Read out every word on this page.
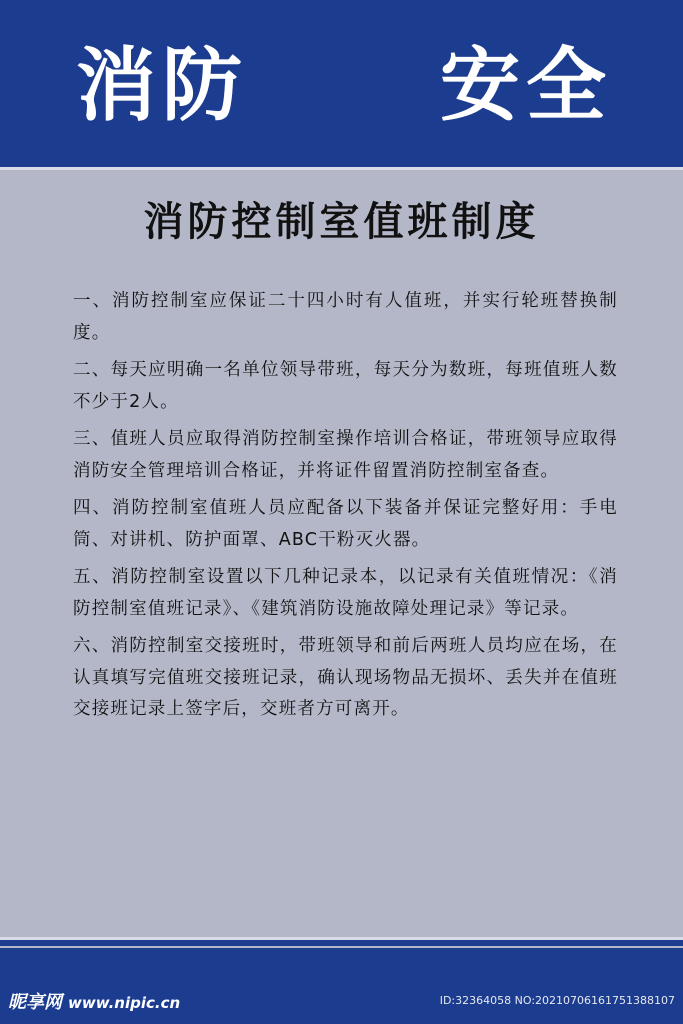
消防 安全
消防控制室值班制度

一、消防控制室应保证二十四小时有人值班，并实行轮班替换制度。

二、每天应明确一名单位领导带班，每天分为数班，每班值班人数不少于2人。

三、值班人员应取得消防控制室操作培训合格证，带班领导应取得消防安全管理培训合格证，并将证件留置消防控制室备查。

四、消防控制室值班人员应配备以下装备并保证完整好用：手电筒、对讲机、防护面罩、ABC干粉灭火器。

五、消防控制室设置以下几种记录本，以记录有关值班情况：《消防控制室值班记录》、《建筑消防设施故障处理记录》等记录。

六、消防控制室交接班时，带班领导和前后两班人员均应在场，在认真填写完值班交接班记录，确认现场物品无损坏、丢失并在值班交接班记录上签字后，交班者方可离开。

昵享网 www.nipic.cn	ID:32364058 NO:20210706161751388107
